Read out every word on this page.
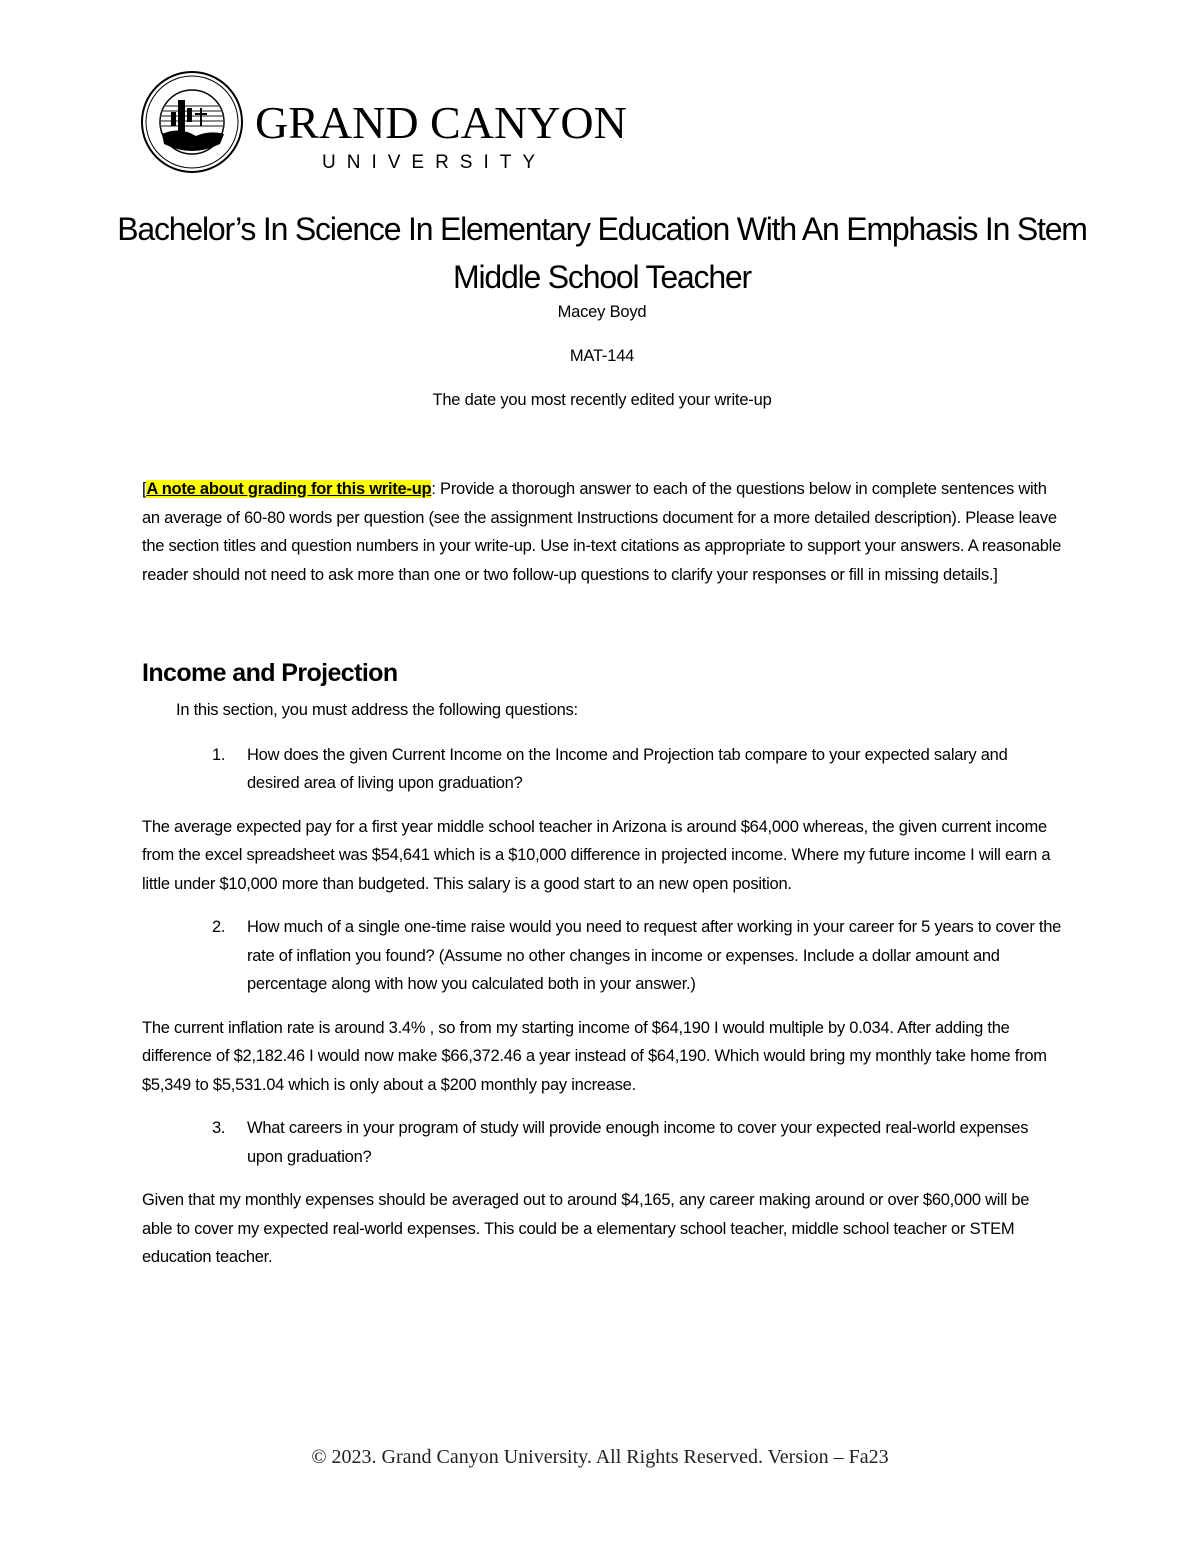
GRAND CANYON
UNIVERSITY
Bachelor’s In Science In Elementary Education With An Emphasis In Stem Middle School Teacher
Macey Boyd
MAT-144
The date you most recently edited your write-up
[A note about grading for this write-up: Provide a thorough answer to each of the questions below in complete sentences with an average of 60-80 words per question (see the assignment Instructions document for a more detailed description). Please leave the section titles and question numbers in your write-up. Use in-text citations as appropriate to support your answers. A reasonable reader should not need to ask more than one or two follow-up questions to clarify your responses or fill in missing details.]
Income and Projection
In this section, you must address the following questions:
1. How does the given Current Income on the Income and Projection tab compare to your expected salary and desired area of living upon graduation?
The average expected pay for a first year middle school teacher in Arizona is around $64,000 whereas, the given current income from the excel spreadsheet was $54,641 which is a $10,000 difference in projected income. Where my future income I will earn a little under $10,000 more than budgeted. This salary is a good start to an new open position.
2. How much of a single one-time raise would you need to request after working in your career for 5 years to cover the rate of inflation you found? (Assume no other changes in income or expenses. Include a dollar amount and percentage along with how you calculated both in your answer.)
The current inflation rate is around 3.4% , so from my starting income of $64,190 I would multiple by 0.034. After adding the difference of $2,182.46 I would now make $66,372.46 a year instead of $64,190. Which would bring my monthly take home from $5,349 to $5,531.04 which is only about a $200 monthly pay increase.
3. What careers in your program of study will provide enough income to cover your expected real-world expenses upon graduation?
Given that my monthly expenses should be averaged out to around $4,165, any career making around or over $60,000 will be able to cover my expected real-world expenses. This could be a elementary school teacher, middle school teacher or STEM education teacher.
© 2023. Grand Canyon University. All Rights Reserved. Version – Fa23
